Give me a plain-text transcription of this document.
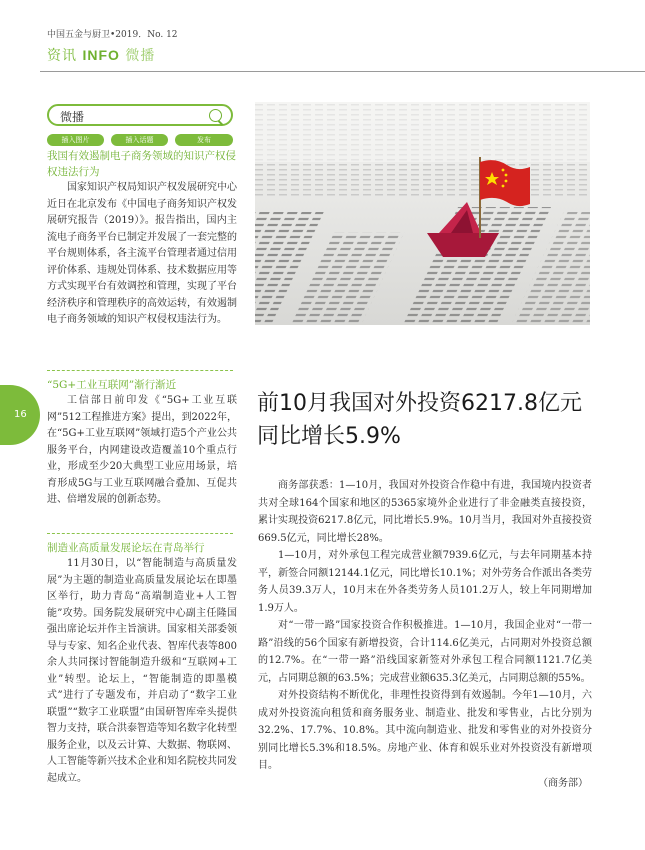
中国五金与厨卫•2019．No. 12
资讯 INFO 微播
微播
插入图片	插入话题	发布
我国有效遏制电子商务领域的知识产权侵权违法行为

国家知识产权局知识产权发展研究中心近日在北京发布《中国电子商务知识产权发展研究报告（2019）》。报告指出，国内主流电子商务平台已制定并发展了一套完整的平台规则体系，各主流平台管理者通过信用评价体系、违规处罚体系、技术数据应用等方式实现平台有效调控和管理，实现了平台经济秩序和管理秩序的高效运转，有效遏制电子商务领域的知识产权侵权违法行为。

“5G+工业互联网”渐行渐近

工信部日前印发《“5G+工业互联网”512工程推进方案》提出，到2022年，在“5G+工业互联网”领域打造5个产业公共服务平台，内网建设改造覆盖10个重点行业，形成至少20大典型工业应用场景，培育形成5G与工业互联网融合叠加、互促共进、倍增发展的创新态势。

制造业高质量发展论坛在青岛举行

11月30日，以“智能制造与高质量发展”为主题的制造业高质量发展论坛在即墨区举行，助力青岛“高端制造业+人工智能”攻势。国务院发展研究中心副主任隆国强出席论坛并作主旨演讲。国家相关部委领导与专家、知名企业代表、智库代表等800余人共同探讨智能制造升级和“互联网+工业”转型。论坛上，“智能制造的即墨模式”进行了专题发布，并启动了“数字工业联盟”“数字工业联盟”由国研智库牵头提供智力支持，联合洪泰智造等知名数字化转型服务企业，以及云计算、大数据、物联网、人工智能等新兴技术企业和知名院校共同发起成立。

16	前10月我国对外投资6217.8亿元
同比增长5.9%

商务部获悉：1—10月，我国对外投资合作稳中有进，我国境内投资者共对全球164个国家和地区的5365家境外企业进行了非金融类直接投资，累计实现投资6217.8亿元，同比增长5.9%。10月当月，我国对外直接投资669.5亿元，同比增长28%。

1—10月，对外承包工程完成营业额7939.6亿元，与去年同期基本持平，新签合同额12144.1亿元，同比增长10.1%；对外劳务合作派出各类劳务人员39.3万人，10月末在外各类劳务人员101.2万人，较上年同期增加1.9万人。

对“一带一路”国家投资合作积极推进。1—10月，我国企业对“一带一路”沿线的56个国家有新增投资，合计114.6亿美元，占同期对外投资总额的12.7%。在“一带一路”沿线国家新签对外承包工程合同额1121.7亿美元，占同期总额的63.5%；完成营业额635.3亿美元，占同期总额的55%。

对外投资结构不断优化，非理性投资得到有效遏制。今年1—10月，六成对外投资流向租赁和商务服务业、制造业、批发和零售业，占比分别为32.2%、17.7%、10.8%。其中流向制造业、批发和零售业的对外投资分别同比增长5.3%和18.5%。房地产业、体育和娱乐业对外投资没有新增项目。

（商务部）
